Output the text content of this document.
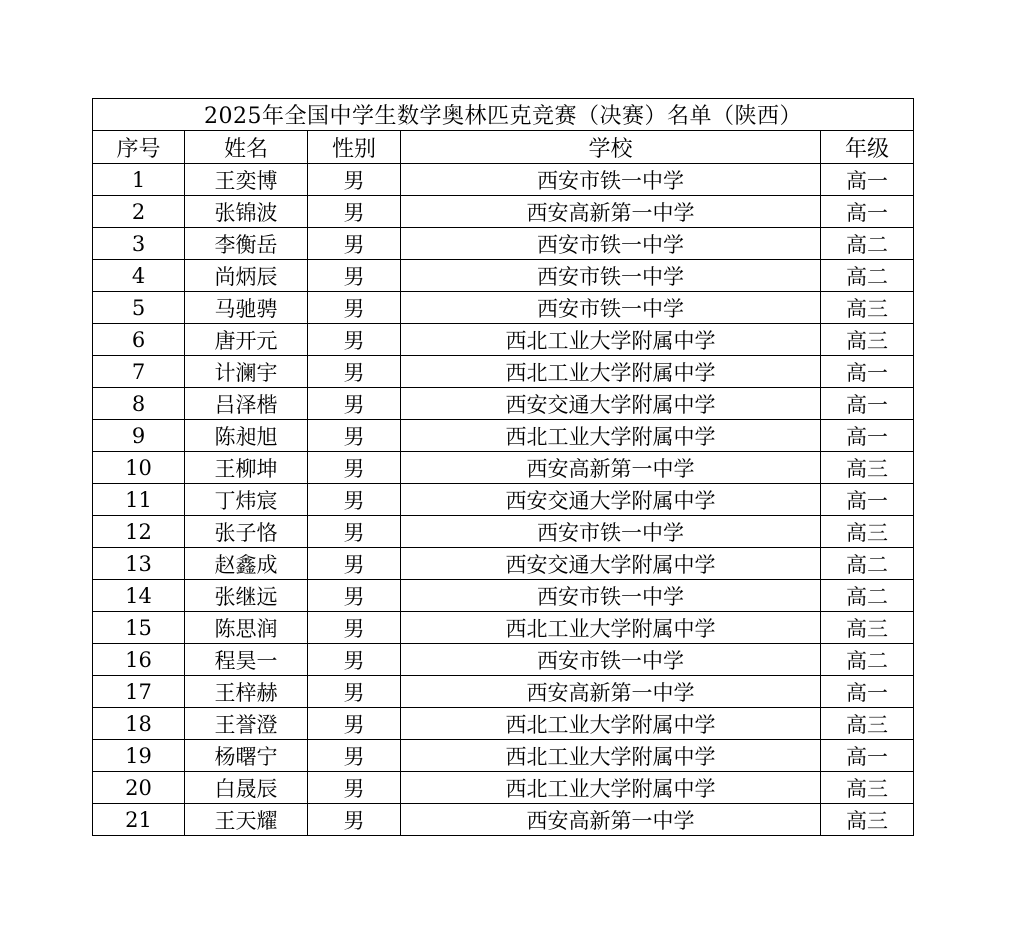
2025年全国中学生数学奥林匹克竞赛（决赛）名单（陕西）				
序号	姓名	性别	学校	年级
1	王奕博	男	西安市铁一中学	高一
2	张锦波	男	西安高新第一中学	高一
3	李衡岳	男	西安市铁一中学	高二
4	尚炳辰	男	西安市铁一中学	高二
5	马驰骋	男	西安市铁一中学	高三
6	唐开元	男	西北工业大学附属中学	高三
7	计澜宇	男	西北工业大学附属中学	高一
8	吕泽楷	男	西安交通大学附属中学	高一
9	陈昶旭	男	西北工业大学附属中学	高一
10	王柳坤	男	西安高新第一中学	高三
11	丁炜宸	男	西安交通大学附属中学	高一
12	张子恪	男	西安市铁一中学	高三
13	赵鑫成	男	西安交通大学附属中学	高二
14	张继远	男	西安市铁一中学	高二
15	陈思润	男	西北工业大学附属中学	高三
16	程昊一	男	西安市铁一中学	高二
17	王梓赫	男	西安高新第一中学	高一
18	王誉澄	男	西北工业大学附属中学	高三
19	杨曙宁	男	西北工业大学附属中学	高一
20	白晟辰	男	西北工业大学附属中学	高三
21	王天耀	男	西安高新第一中学	高三
